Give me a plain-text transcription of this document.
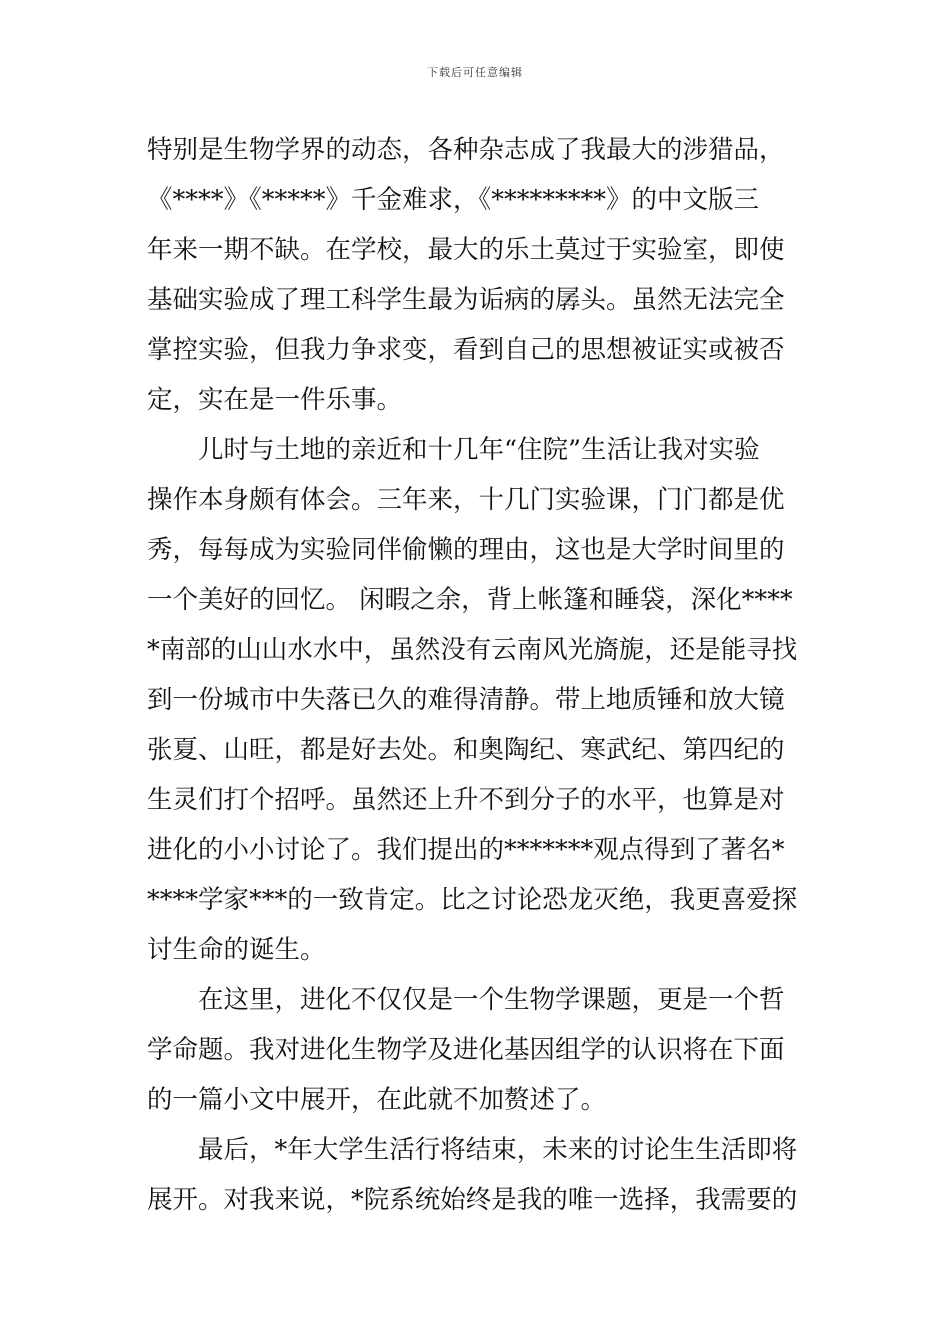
下载后可任意编辑
特别是生物学界的动态，各种杂志成了我最大的涉猎品，
《****》《*****》千金难求，《*********》的中文版三
年来一期不缺。在学校，最大的乐土莫过于实验室，即使
基础实验成了理工科学生最为诟病的孱头。虽然无法完全
掌控实验，但我力争求变，看到自己的思想被证实或被否
定，实在是一件乐事。
　　儿时与土地的亲近和十几年“住院”生活让我对实验
操作本身颇有体会。三年来，十几门实验课，门门都是优
秀，每每成为实验同伴偷懒的理由，这也是大学时间里的
一个美好的回忆。 闲暇之余，背上帐篷和睡袋，深化****
*南部的山山水水中，虽然没有云南风光旖旎，还是能寻找
到一份城市中失落已久的难得清静。带上地质锤和放大镜
张夏、山旺，都是好去处。和奥陶纪、寒武纪、第四纪的
生灵们打个招呼。虽然还上升不到分子的水平，也算是对
进化的小小讨论了。我们提出的*******观点得到了著名*
****学家***的一致肯定。比之讨论恐龙灭绝，我更喜爱探
讨生命的诞生。
　　在这里，进化不仅仅是一个生物学课题，更是一个哲
学命题。我对进化生物学及进化基因组学的认识将在下面
的一篇小文中展开，在此就不加赘述了。
　　最后，*年大学生活行将结束，未来的讨论生生活即将
展开。对我来说，*院系统始终是我的唯一选择，我需要的
